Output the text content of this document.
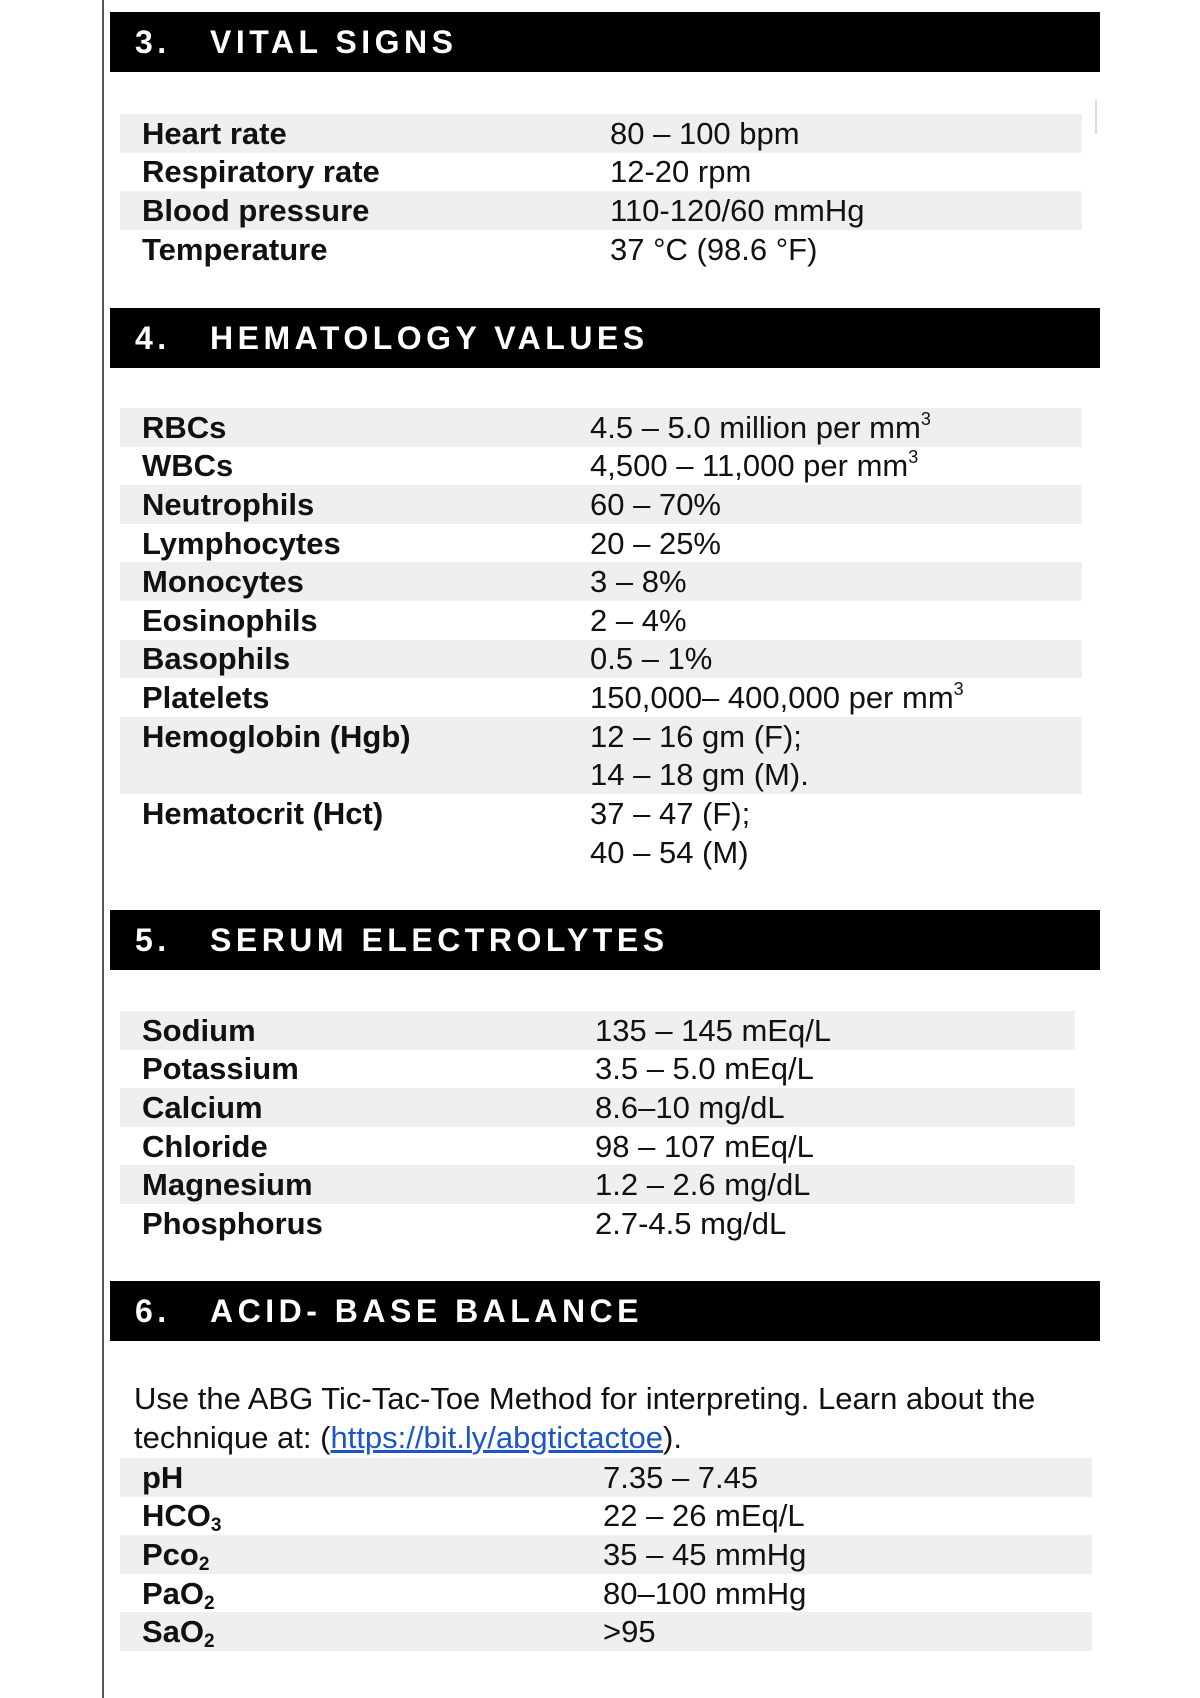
3.	VITAL SIGNS
Heart rate	80 – 100 bpm
Respiratory rate	12-20 rpm
Blood pressure	110-120/60 mmHg
Temperature	37 °C (98.6 °F)
4.	HEMATOLOGY VALUES
RBCs	4.5 – 5.0 million per $mm^3$
WBCs	4,500 – 11,000 per $mm^3$
Neutrophils	60 – 70%
Lymphocytes	20 – 25%
Monocytes	3 – 8%
Eosinophils	2 – 4%
Basophils	0.5 – 1%
Platelets	150,000– 400,000 per $mm^3$
Hemoglobin (Hgb)	12 – 16 gm (F);
14 – 18 gm (M).
Hematocrit (Hct)	37 – 47 (F);
40 – 54 (M)
5.	SERUM ELECTROLYTES
Sodium	135 – 145 mEq/L
Potassium	3.5 – 5.0 mEq/L
Calcium	8.6–10 mg/dL
Chloride	98 – 107 mEq/L
Magnesium	1.2 – 2.6 mg/dL
Phosphorus	2.7-4.5 mg/dL
6.	ACID- BASE BALANCE
Use the ABG Tic-Tac-Toe Method for interpreting. Learn about the technique at: (https://bit.ly/abgtictactoe).
pH	7.35 – 7.45
$HCO_3$	22 – 26 mEq/L
Pco$_2$	35 – 45 mmHg
PaO$_2$	80–100 mmHg
SaO$_2$	>95
